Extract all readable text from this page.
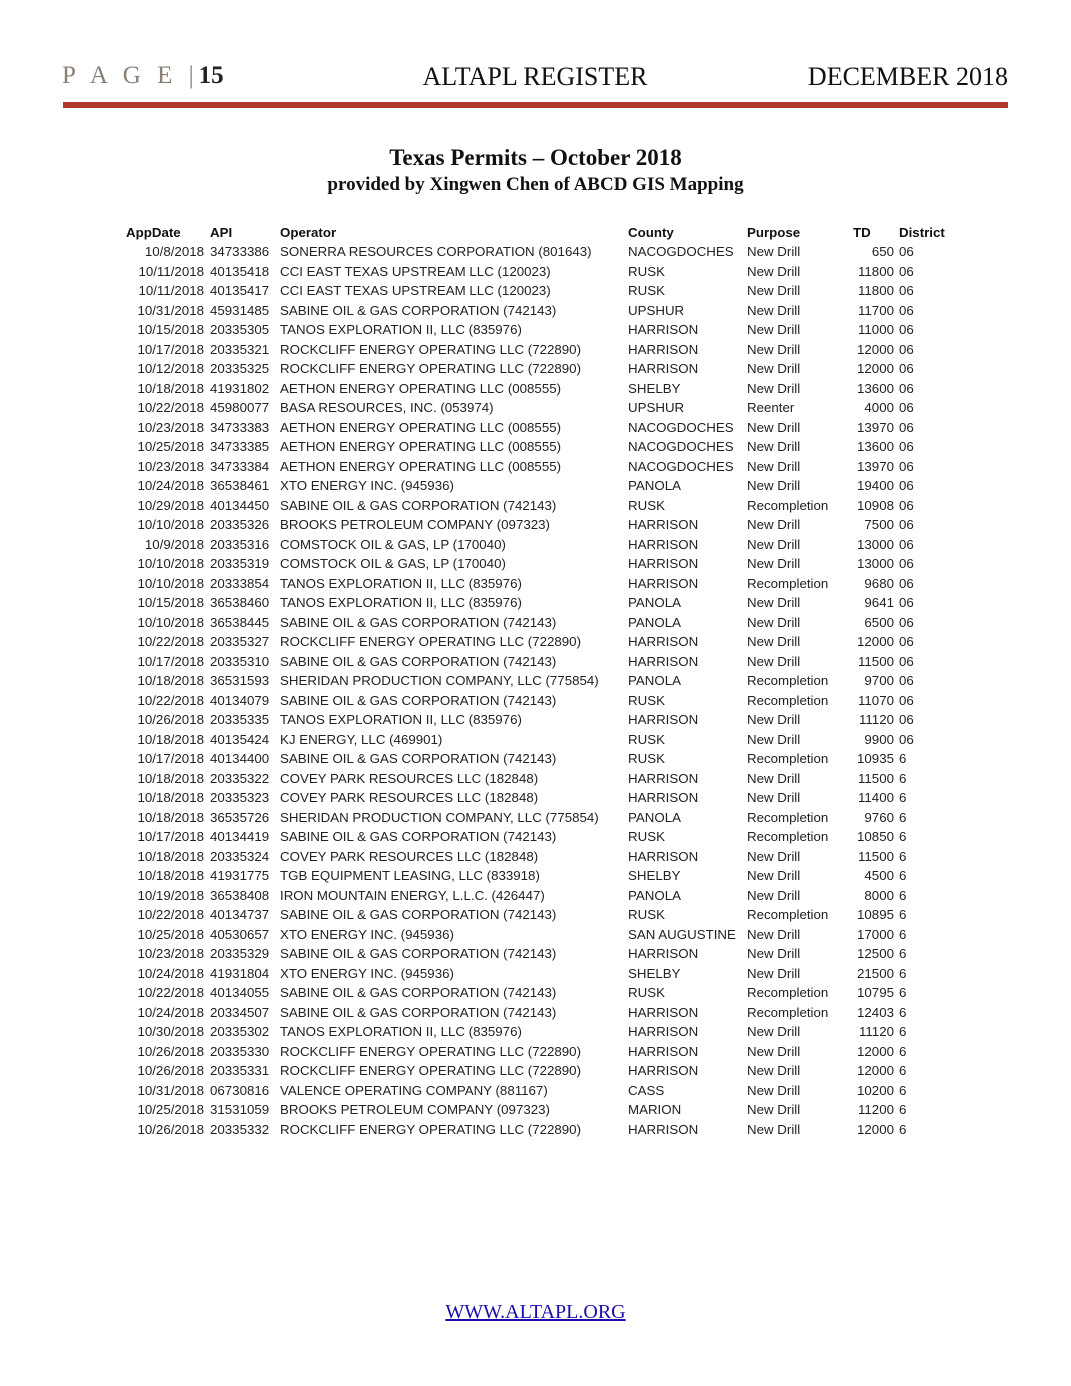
P A G E |15	ALTAPL REGISTER	DECEMBER 2018
Texas Permits – October 2018
provided by Xingwen Chen of ABCD GIS Mapping
AppDate API	Operator	County	Purpose	TD District
10/8/2018 34733386 SONERRA RESOURCES CORPORATION (801643)	NACOGDOCHES New Drill	650 06
10/11/2018 40135418 CCI EAST TEXAS UPSTREAM LLC (120023)	RUSK	New Drill	11800 06
10/11/2018 40135417 CCI EAST TEXAS UPSTREAM LLC (120023)	RUSK	New Drill	11800 06
10/31/2018 45931485 SABINE OIL & GAS CORPORATION (742143)	UPSHUR	New Drill	11700 06
10/15/2018 20335305 TANOS EXPLORATION II, LLC (835976)	HARRISON	New Drill	11000 06
10/17/2018 20335321 ROCKCLIFF ENERGY OPERATING LLC (722890)	HARRISON	New Drill	12000 06
10/12/2018 20335325 ROCKCLIFF ENERGY OPERATING LLC (722890)	HARRISON	New Drill	12000 06
10/18/2018 41931802 AETHON ENERGY OPERATING LLC (008555)	SHELBY	New Drill	13600 06
10/22/2018 45980077 BASA RESOURCES, INC. (053974)	UPSHUR	Reenter	4000 06
10/23/2018 34733383 AETHON ENERGY OPERATING LLC (008555)	NACOGDOCHES New Drill	13970 06
10/25/2018 34733385 AETHON ENERGY OPERATING LLC (008555)	NACOGDOCHES New Drill	13600 06
10/23/2018 34733384 AETHON ENERGY OPERATING LLC (008555)	NACOGDOCHES New Drill	13970 06
10/24/2018 36538461 XTO ENERGY INC. (945936)	PANOLA	New Drill	19400 06
10/29/2018 40134450 SABINE OIL & GAS CORPORATION (742143)	RUSK	Recompletion 10908 06
10/10/2018 20335326 BROOKS PETROLEUM COMPANY (097323)	HARRISON	New Drill	7500 06
10/9/2018 20335316 COMSTOCK OIL & GAS, LP (170040)	HARRISON	New Drill	13000 06
10/10/2018 20335319 COMSTOCK OIL & GAS, LP (170040)	HARRISON	New Drill	13000 06
10/10/2018 20333854 TANOS EXPLORATION II, LLC (835976)	HARRISON	Recompletion	9680 06
10/15/2018 36538460 TANOS EXPLORATION II, LLC (835976)	PANOLA	New Drill	9641 06
10/10/2018 36538445 SABINE OIL & GAS CORPORATION (742143)	PANOLA	New Drill	6500 06
10/22/2018 20335327 ROCKCLIFF ENERGY OPERATING LLC (722890)	HARRISON	New Drill	12000 06
10/17/2018 20335310 SABINE OIL & GAS CORPORATION (742143)	HARRISON	New Drill	11500 06
10/18/2018 36531593 SHERIDAN PRODUCTION COMPANY, LLC (775854) PANOLA	Recompletion	9700 06
10/22/2018 40134079 SABINE OIL & GAS CORPORATION (742143)	RUSK	Recompletion 11070 06
10/26/2018 20335335 TANOS EXPLORATION II, LLC (835976)	HARRISON	New Drill	11120 06
10/18/2018 40135424 KJ ENERGY, LLC (469901)	RUSK	New Drill	9900 06
10/17/2018 40134400 SABINE OIL & GAS CORPORATION (742143)	RUSK	Recompletion 10935 6
10/18/2018 20335322 COVEY PARK RESOURCES LLC (182848)	HARRISON	New Drill	11500 6
10/18/2018 20335323 COVEY PARK RESOURCES LLC (182848)	HARRISON	New Drill	11400 6
10/18/2018 36535726 SHERIDAN PRODUCTION COMPANY, LLC (775854) PANOLA	Recompletion	9760 6
10/17/2018 40134419 SABINE OIL & GAS CORPORATION (742143)	RUSK	Recompletion 10850 6
10/18/2018 20335324 COVEY PARK RESOURCES LLC (182848)	HARRISON	New Drill	11500 6
10/18/2018 41931775 TGB EQUIPMENT LEASING, LLC (833918)	SHELBY	New Drill	4500 6
10/19/2018 36538408 IRON MOUNTAIN ENERGY, L.L.C. (426447)	PANOLA	New Drill	8000 6
10/22/2018 40134737 SABINE OIL & GAS CORPORATION (742143)	RUSK	Recompletion 10895 6
10/25/2018 40530657 XTO ENERGY INC. (945936)	SAN AUGUSTINE New Drill	17000 6
10/23/2018 20335329 SABINE OIL & GAS CORPORATION (742143)	HARRISON	New Drill	12500 6
10/24/2018 41931804 XTO ENERGY INC. (945936)	SHELBY	New Drill	21500 6
10/22/2018 40134055 SABINE OIL & GAS CORPORATION (742143)	RUSK	Recompletion 10795 6
10/24/2018 20334507 SABINE OIL & GAS CORPORATION (742143)	HARRISON	Recompletion 12403 6
10/30/2018 20335302 TANOS EXPLORATION II, LLC (835976)	HARRISON	New Drill	11120 6
10/26/2018 20335330 ROCKCLIFF ENERGY OPERATING LLC (722890)	HARRISON	New Drill	12000 6
10/26/2018 20335331 ROCKCLIFF ENERGY OPERATING LLC (722890)	HARRISON	New Drill	12000 6
10/31/2018 06730816 VALENCE OPERATING COMPANY (881167)	CASS	New Drill	10200 6
10/25/2018 31531059 BROOKS PETROLEUM COMPANY (097323)	MARION	New Drill	11200 6
10/26/2018 20335332 ROCKCLIFF ENERGY OPERATING LLC (722890)	HARRISON	New Drill	12000 6
WWW.ALTAPL.ORG
